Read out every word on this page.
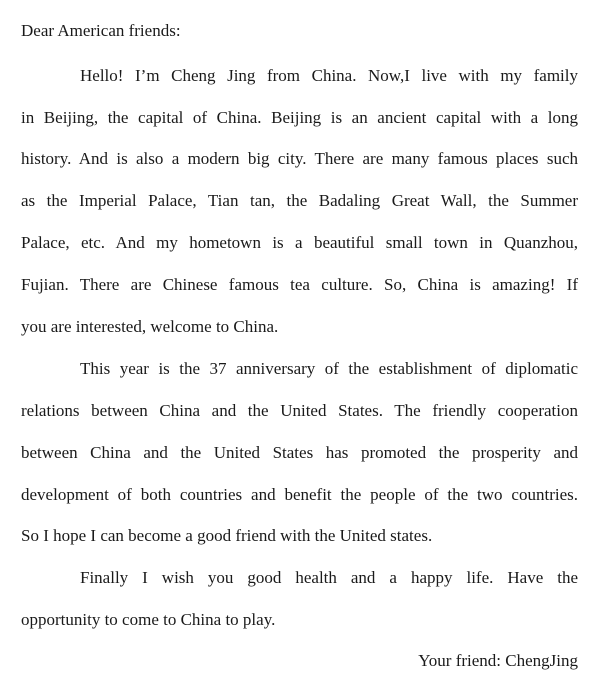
Dear American friends:
Hello! I’m Cheng Jing from China. Now,I live with my family
in Beijing, the capital of China. Beijing is an ancient capital with a long
history. And is also a modern big city. There are many famous places such
as the Imperial Palace, Tian tan, the Badaling Great Wall, the Summer
Palace, etc. And my hometown is a beautiful small town in Quanzhou,
Fujian. There are Chinese famous tea culture. So, China is amazing! If
you are interested, welcome to China.
This year is the 37 anniversary of the establishment of diplomatic
relations between China and the United States. The friendly cooperation
between China and the United States has promoted the prosperity and
development of both countries and benefit the people of the two countries.
So I hope I can become a good friend with the United states.
Finally I wish you good health and a happy life. Have the
opportunity to come to China to play.
Your friend: ChengJing
